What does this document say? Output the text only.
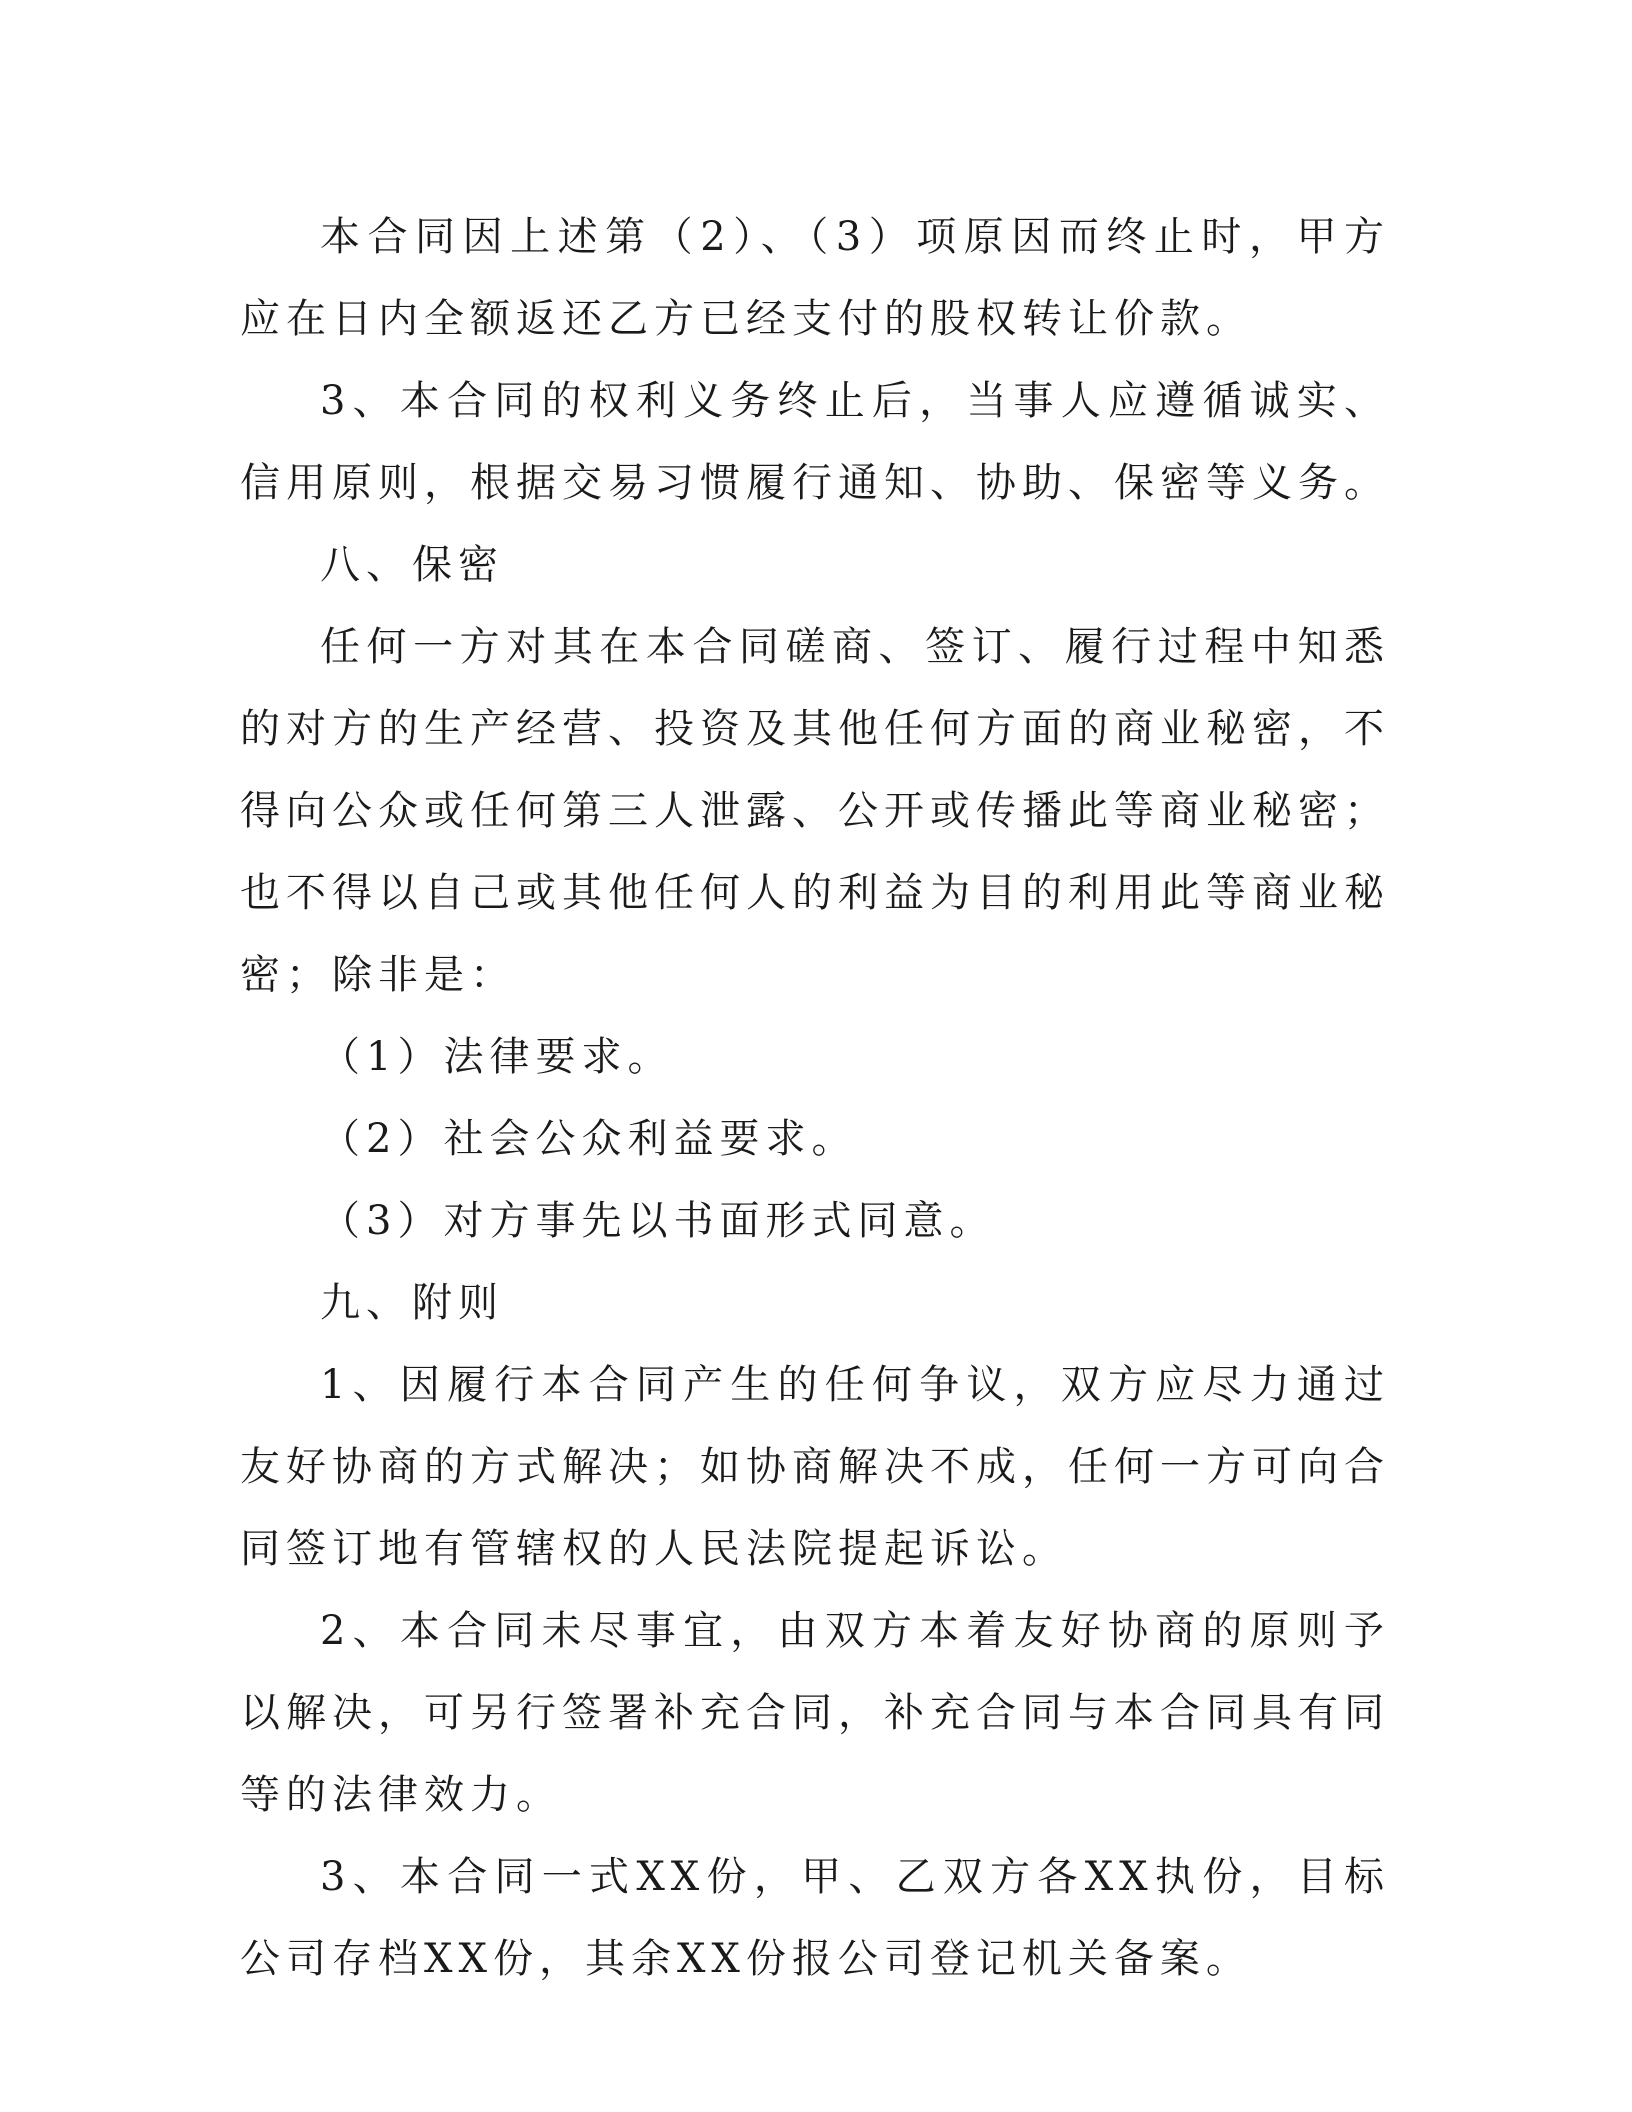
本合同因上述第（2）、（3）项原因而终止时，甲方应在日内全额返还乙方已经支付的股权转让价款。

3、本合同的权利义务终止后，当事人应遵循诚实、信用原则，根据交易习惯履行通知、协助、保密等义务。

八、保密

任何一方对其在本合同磋商、签订、履行过程中知悉的对方的生产经营、投资及其他任何方面的商业秘密，不得向公众或任何第三人泄露、公开或传播此等商业秘密；也不得以自己或其他任何人的利益为目的利用此等商业秘密；除非是：

（1）法律要求。

（2）社会公众利益要求。

（3）对方事先以书面形式同意。

九、附则

1、因履行本合同产生的任何争议，双方应尽力通过友好协商的方式解决；如协商解决不成，任何一方可向合同签订地有管辖权的人民法院提起诉讼。

2、本合同未尽事宜，由双方本着友好协商的原则予以解决，可另行签署补充合同，补充合同与本合同具有同等的法律效力。

3、本合同一式XX份，甲、乙双方各XX执份，目标公司存档XX份，其余XX份报公司登记机关备案。
